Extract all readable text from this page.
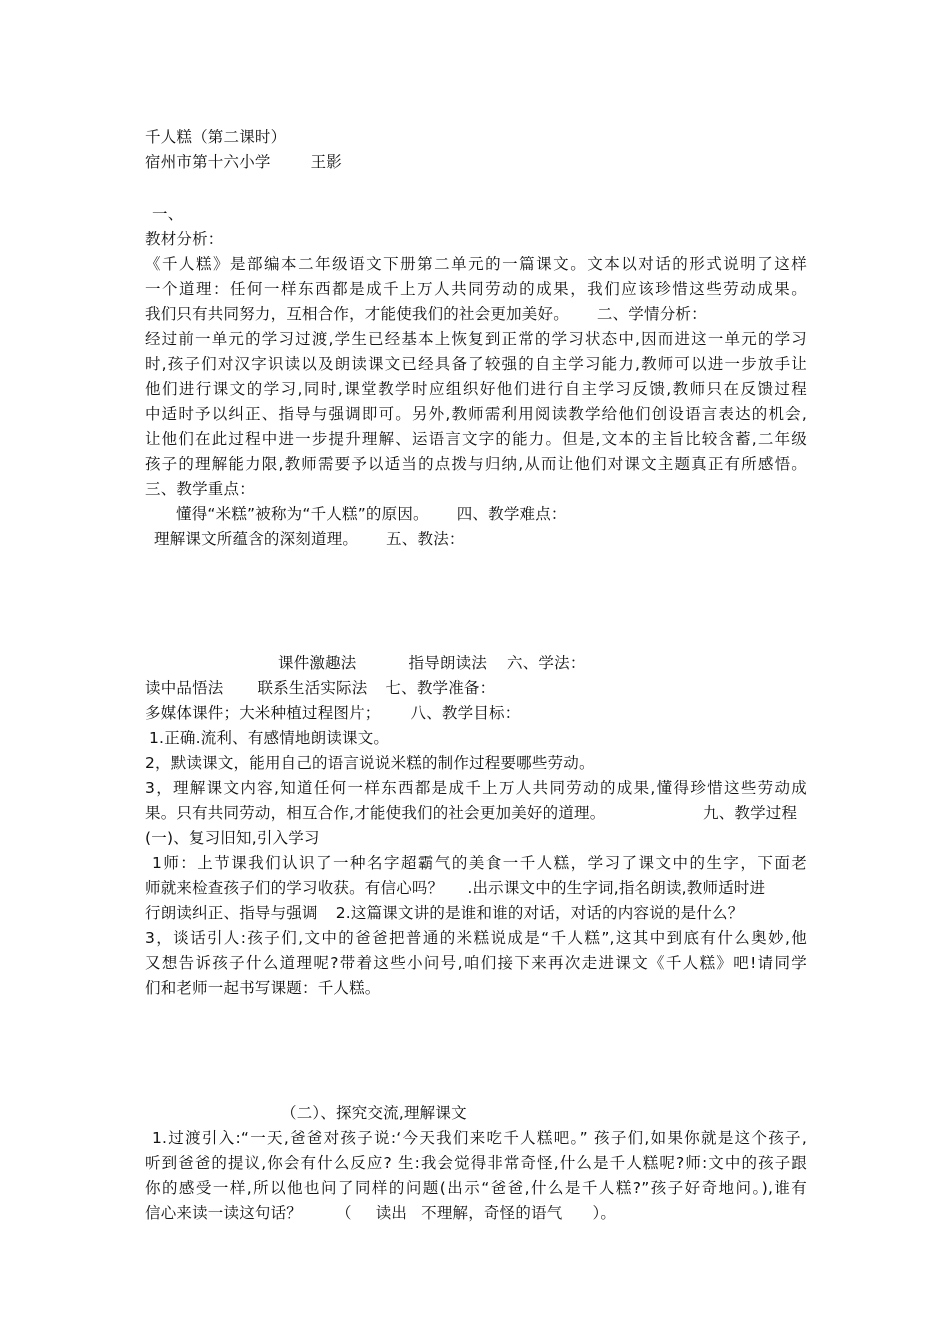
千人糕（第二课时）
宿州市第十六小学	王影
一、
教材分析：
《千人糕》是部编本二年级语文下册第二单元的一篇课文。文本以对话的形式说明了这样
一个道理：任何一样东西都是成千上万人共同劳动的成果，我们应该珍惜这些劳动成果。
我们只有共同努力，互相合作，才能使我们的社会更加美好。 二、学情分析：
经过前一单元的学习过渡,学生已经基本上恢复到正常的学习状态中,因而进这一单元的学习
时,孩子们对汉字识读以及朗读课文已经具备了较强的自主学习能力,教师可以进一步放手让
他们进行课文的学习,同时,课堂教学时应组织好他们进行自主学习反馈,教师只在反馈过程
中适时予以纠正、指导与强调即可。另外,教师需利用阅读教学给他们创设语言表达的机会,
让他们在此过程中进一步提升理解、运语言文字的能力。但是,文本的主旨比较含蓄,二年级
孩子的理解能力限,教师需要予以适当的点拨与归纳,从而让他们对课文主题真正有所感悟。
三、教学重点：
懂得“米糕”被称为“千人糕”的原因。 四、教学难点：
理解课文所蕴含的深刻道理。 五、教法：
课件激趣法	指导朗读法 六、学法：
读中品悟法 联系生活实际法 七、教学准备：
多媒体课件；大米种植过程图片； 八、教学目标：
1.正确.流利、有感情地朗读课文。
2，默读课文，能用自己的语言说说米糕的制作过程要哪些劳动。
3，理解课文内容,知道任何一样东西都是成千上万人共同劳动的成果,懂得珍惜这些劳动成
果。只有共同劳动，相互合作,才能使我们的社会更加美好的道理。	九、教学过程
(一)、复习旧知,引入学习
1师：上节课我们认识了一种名字超霸气的美食一千人糕，学习了课文中的生字，下面老
师就来检查孩子们的学习收获。有信心吗？ .出示课文中的生字词,指名朗读,教师适时进
行朗读纠正、指导与强调 2.这篇课文讲的是谁和谁的对话，对话的内容说的是什么？
3，谈话引人:孩子们,文中的爸爸把普通的米糕说成是“千人糕”,这其中到底有什么奥妙,他
又想告诉孩子什么道理呢?带着这些小问号,咱们接下来再次走进课文《千人糕》吧!请同学
们和老师一起书写课题：千人糕。
（二）、探究交流,理解课文
1.过渡引入:“一天,爸爸对孩子说:‘今天我们来吃千人糕吧。” 孩子们,如果你就是这个孩子,
听到爸爸的提议,你会有什么反应? 生:我会觉得非常奇怪,什么是千人糕呢?师:文中的孩子跟
你的感受一样,所以他也问了同样的问题(出示“爸爸,什么是千人糕?”孩子好奇地问。),谁有
信心来读一读这句话？ （ 读出 不理解，奇怪的语气 ）。
